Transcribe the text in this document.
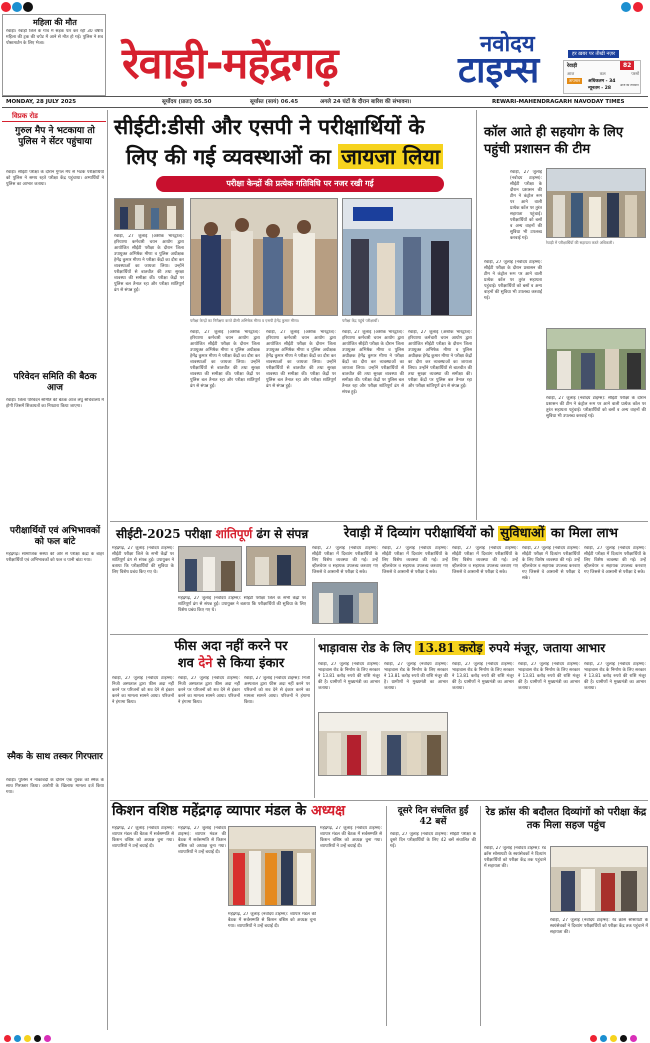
रेवाड़ी-महेंद्रगढ़	नवोदय
टाइम्स	हर ख़बर पर तीखी नज़र
रेवाड़ी	82
आज	कल	परसों
तापमान	अधिकतम - 34
न्यूनतम - 28
आज का तापमान
महिला की मौत
रेवाड़ी। रेवाड़ी जिले के गांव में सड़क पार कर रही 30 वर्षीय महिला की ट्रक की चपेट में आने से मौत हो गई। पुलिस ने शव पोस्टमार्टम के लिए भेजा।
MONDAY, 28 JULY 2025	सूर्योदय (प्रातः) 05.50	सूर्यास्त (सायं) 06.45	अगले 24 घंटों के दौरान बारिश की संभावना।	REWARI-MAHENDRAGARH NAVODAY TIMES
विप्रक रोड
गुरुल मैप ने भटकाया तो पुलिस ने सेंटर पहुंचाया
रेवाड़ी। सीईटी परीक्षा के दौरान गुगल मैप से भटके परीक्षार्थियों को पुलिस ने समय रहते परीक्षा केंद्र पहुंचाया। अभ्यर्थियों ने पुलिस का आभार जताया।
परिवेदन समिति की बैठक आज
रेवाड़ी। जिला परिवेदन समिति की बैठक आज लघु सचिवालय में होगी जिसमें शिकायतों का निपटारा किया जाएगा।
सीईटी:डीसी और एसपी ने परीक्षार्थियों के
लिए की गई व्यवस्थाओं का जायजा लिया
परीक्षा केन्द्रों की प्रत्येक गतिविधि पर नजर रखी गई
रेवाड़ी, 27 जुलाई (अशोक भारद्वाज): हरियाणा कर्मचारी चयन आयोग द्वारा आयोजित सीईटी परीक्षा के दौरान जिला उपायुक्त अभिषेक मीणा व पुलिस अधीक्षक हेमेंद्र कुमार मीणा ने परीक्षा केंद्रों का दौरा कर व्यवस्थाओं का जायजा लिया। उन्होंने परीक्षार्थियों से बातचीत की तथा सुरक्षा व्यवस्था की समीक्षा की। परीक्षा केंद्रों पर पुलिस बल तैनात रहा और परीक्षा शांतिपूर्ण ढंग से संपन्न हुई।
रेवाड़ी, 27 जुलाई (अशोक भारद्वाज): हरियाणा कर्मचारी चयन आयोग द्वारा आयोजित सीईटी परीक्षा के दौरान जिला उपायुक्त अभिषेक मीणा व पुलिस अधीक्षक हेमेंद्र कुमार मीणा ने परीक्षा केंद्रों का दौरा कर व्यवस्थाओं का जायजा लिया। उन्होंने परीक्षार्थियों से बातचीत की तथा सुरक्षा व्यवस्था की समीक्षा की। परीक्षा केंद्रों पर पुलिस बल तैनात रहा और परीक्षा शांतिपूर्ण ढंग से संपन्न हुई।
रेवाड़ी, 27 जुलाई (अशोक भारद्वाज): हरियाणा कर्मचारी चयन आयोग द्वारा आयोजित सीईटी परीक्षा के दौरान जिला उपायुक्त अभिषेक मीणा व पुलिस अधीक्षक हेमेंद्र कुमार मीणा ने परीक्षा केंद्रों का दौरा कर व्यवस्थाओं का जायजा लिया। उन्होंने परीक्षार्थियों से बातचीत की तथा सुरक्षा व्यवस्था की समीक्षा की। परीक्षा केंद्रों पर पुलिस बल तैनात रहा और परीक्षा शांतिपूर्ण ढंग से संपन्न हुई।
रेवाड़ी, 27 जुलाई (अशोक भारद्वाज): हरियाणा कर्मचारी चयन आयोग द्वारा आयोजित सीईटी परीक्षा के दौरान जिला उपायुक्त अभिषेक मीणा व पुलिस अधीक्षक हेमेंद्र कुमार मीणा ने परीक्षा केंद्रों का दौरा कर व्यवस्थाओं का जायजा लिया। उन्होंने परीक्षार्थियों से बातचीत की तथा सुरक्षा व्यवस्था की समीक्षा की। परीक्षा केंद्रों पर पुलिस बल तैनात रहा और परीक्षा शांतिपूर्ण ढंग से संपन्न हुई।
रेवाड़ी, 27 जुलाई (अशोक भारद्वाज): हरियाणा कर्मचारी चयन आयोग द्वारा आयोजित सीईटी परीक्षा के दौरान जिला उपायुक्त अभिषेक मीणा व पुलिस अधीक्षक हेमेंद्र कुमार मीणा ने परीक्षा केंद्रों का दौरा कर व्यवस्थाओं का जायजा लिया। उन्होंने परीक्षार्थियों से बातचीत की तथा सुरक्षा व्यवस्था की समीक्षा की। परीक्षा केंद्रों पर पुलिस बल तैनात रहा और परीक्षा शांतिपूर्ण ढंग से संपन्न हुई।
परीक्षा केन्द्रों का निरीक्षण करते डीसी अभिषेक मीणा व एसपी हेमेंद्र कुमार मीणा।	परीक्षा केंद्र पहुंचे परीक्षार्थी।
कॉल आते ही सहयोग के लिए पहुंची प्रशासन की टीम
रेवाड़ी, 27 जुलाई (नवोदय टाइम्स): सीईटी परीक्षा के दौरान प्रशासन की टीम ने कंट्रोल रूम पर आने वाली प्रत्येक कॉल पर तुरंत सहायता पहुंचाई। परीक्षार्थियों को बसों व अन्य वाहनों की सुविधा भी उपलब्ध करवाई गई।
रेवाड़ी में परीक्षार्थियों की सहायता करते अधिकारी।
रेवाड़ी, 27 जुलाई (नवोदय टाइम्स): सीईटी परीक्षा के दौरान प्रशासन की टीम ने कंट्रोल रूम पर आने वाली प्रत्येक कॉल पर तुरंत सहायता पहुंचाई। परीक्षार्थियों को बसों व अन्य वाहनों की सुविधा भी उपलब्ध करवाई गई।
रेवाड़ी, 27 जुलाई (नवोदय टाइम्स): सीईटी परीक्षा के दौरान प्रशासन की टीम ने कंट्रोल रूम पर आने वाली प्रत्येक कॉल पर तुरंत सहायता पहुंचाई। परीक्षार्थियों को बसों व अन्य वाहनों की सुविधा भी उपलब्ध करवाई गई।
सीईटी-2025 परीक्षा शांतिपूर्ण ढंग से संपन्न	रेवाड़ी में दिव्यांग परीक्षार्थियों को सुविधाओं का मिला लाभ
महेंद्रगढ़, 27 जुलाई (नवोदय टाइम्स): सीईटी परीक्षा जिले के सभी केंद्रों पर शांतिपूर्ण ढंग से संपन्न हुई। उपायुक्त ने बताया कि परीक्षार्थियों की सुविधा के लिए विशेष प्रबंध किए गए थे।
महेंद्रगढ़, 27 जुलाई (नवोदय टाइम्स): सीईटी परीक्षा जिले के सभी केंद्रों पर शांतिपूर्ण ढंग से संपन्न हुई। उपायुक्त ने बताया कि परीक्षार्थियों की सुविधा के लिए विशेष प्रबंध किए गए थे।
रेवाड़ी, 27 जुलाई (नवोदय टाइम्स): सीईटी परीक्षा में दिव्यांग परीक्षार्थियों के लिए विशेष व्यवस्था की गई। उन्हें व्हीलचेयर व सहायक उपलब्ध करवाए गए जिससे वे आसानी से परीक्षा दे सके।
रेवाड़ी, 27 जुलाई (नवोदय टाइम्स): सीईटी परीक्षा में दिव्यांग परीक्षार्थियों के लिए विशेष व्यवस्था की गई। उन्हें व्हीलचेयर व सहायक उपलब्ध करवाए गए जिससे वे आसानी से परीक्षा दे सके।
रेवाड़ी, 27 जुलाई (नवोदय टाइम्स): सीईटी परीक्षा में दिव्यांग परीक्षार्थियों के लिए विशेष व्यवस्था की गई। उन्हें व्हीलचेयर व सहायक उपलब्ध करवाए गए जिससे वे आसानी से परीक्षा दे सके।
रेवाड़ी, 27 जुलाई (नवोदय टाइम्स): सीईटी परीक्षा में दिव्यांग परीक्षार्थियों के लिए विशेष व्यवस्था की गई। उन्हें व्हीलचेयर व सहायक उपलब्ध करवाए गए जिससे वे आसानी से परीक्षा दे सके।
रेवाड़ी, 27 जुलाई (नवोदय टाइम्स): सीईटी परीक्षा में दिव्यांग परीक्षार्थियों के लिए विशेष व्यवस्था की गई। उन्हें व्हीलचेयर व सहायक उपलब्ध करवाए गए जिससे वे आसानी से परीक्षा दे सके।
परीक्षार्थियों एवं अभिभावकों को फल बांटे
महेंद्रगढ़। सामाजिक संस्था की ओर से परीक्षा केंद्रों के बाहर परीक्षार्थियों एवं अभिभावकों को फल व पानी बांटा गया।
स्मैक के साथ तस्कर गिरफ्तार
रेवाड़ी। पुलिस ने नाकाबंदी के दौरान एक युवक को स्मैक के साथ गिरफ्तार किया। आरोपी के खिलाफ मामला दर्ज किया गया।
फीस अदा नहीं करने पर
शव देने से किया इंकार
रेवाड़ी, 27 जुलाई (नवोदय टाइम्स): निजी अस्पताल द्वारा फीस अदा नहीं करने पर परिजनों को शव देने से इंकार करने का मामला सामने आया। परिजनों ने हंगामा किया।
रेवाड़ी, 27 जुलाई (नवोदय टाइम्स): निजी अस्पताल द्वारा फीस अदा नहीं करने पर परिजनों को शव देने से इंकार करने का मामला सामने आया। परिजनों ने हंगामा किया।
रेवाड़ी, 27 जुलाई (नवोदय टाइम्स): निजी अस्पताल द्वारा फीस अदा नहीं करने पर परिजनों को शव देने से इंकार करने का मामला सामने आया। परिजनों ने हंगामा किया।
भाड़ावास रोड के लिए 13.81 करोड़ रुपये मंजूर, जताया आभार
रेवाड़ी, 27 जुलाई (नवोदय टाइम्स): भाड़ावास रोड के निर्माण के लिए सरकार ने 13.81 करोड़ रुपये की राशि मंजूर की है। ग्रामीणों ने मुख्यमंत्री का आभार जताया।
रेवाड़ी, 27 जुलाई (नवोदय टाइम्स): भाड़ावास रोड के निर्माण के लिए सरकार ने 13.81 करोड़ रुपये की राशि मंजूर की है। ग्रामीणों ने मुख्यमंत्री का आभार जताया।
रेवाड़ी, 27 जुलाई (नवोदय टाइम्स): भाड़ावास रोड के निर्माण के लिए सरकार ने 13.81 करोड़ रुपये की राशि मंजूर की है। ग्रामीणों ने मुख्यमंत्री का आभार जताया।
रेवाड़ी, 27 जुलाई (नवोदय टाइम्स): भाड़ावास रोड के निर्माण के लिए सरकार ने 13.81 करोड़ रुपये की राशि मंजूर की है। ग्रामीणों ने मुख्यमंत्री का आभार जताया।
रेवाड़ी, 27 जुलाई (नवोदय टाइम्स): भाड़ावास रोड के निर्माण के लिए सरकार ने 13.81 करोड़ रुपये की राशि मंजूर की है। ग्रामीणों ने मुख्यमंत्री का आभार जताया।
किशन वशिष्ठ महेंद्रगढ़ व्यापार मंडल के अध्यक्ष
महेंद्रगढ़, 27 जुलाई (नवोदय टाइम्स): व्यापार मंडल की बैठक में सर्वसम्मति से किशन वशिष्ठ को अध्यक्ष चुना गया। व्यापारियों ने उन्हें बधाई दी।
महेंद्रगढ़, 27 जुलाई (नवोदय टाइम्स): व्यापार मंडल की बैठक में सर्वसम्मति से किशन वशिष्ठ को अध्यक्ष चुना गया। व्यापारियों ने उन्हें बधाई दी।
महेंद्रगढ़, 27 जुलाई (नवोदय टाइम्स): व्यापार मंडल की बैठक में सर्वसम्मति से किशन वशिष्ठ को अध्यक्ष चुना गया। व्यापारियों ने उन्हें बधाई दी।
महेंद्रगढ़, 27 जुलाई (नवोदय टाइम्स): व्यापार मंडल की बैठक में सर्वसम्मति से किशन वशिष्ठ को अध्यक्ष चुना गया। व्यापारियों ने उन्हें बधाई दी।
दूसरे दिन संचलित हुईं 42 बसें
रेवाड़ी, 27 जुलाई (नवोदय टाइम्स): सीईटी परीक्षा के दूसरे दिन परीक्षार्थियों के लिए 42 बसें संचालित की गईं।
रेड क्रॉस की बदौलत दिव्यांगों को परीक्षा केंद्र तक मिला सहज पहुंच
रेवाड़ी, 27 जुलाई (नवोदय टाइम्स): रेड क्रॉस सोसायटी के स्वयंसेवकों ने दिव्यांग परीक्षार्थियों को परीक्षा केंद्र तक पहुंचाने में सहायता की।
रेवाड़ी, 27 जुलाई (नवोदय टाइम्स): रेड क्रॉस सोसायटी के स्वयंसेवकों ने दिव्यांग परीक्षार्थियों को परीक्षा केंद्र तक पहुंचाने में सहायता की।
